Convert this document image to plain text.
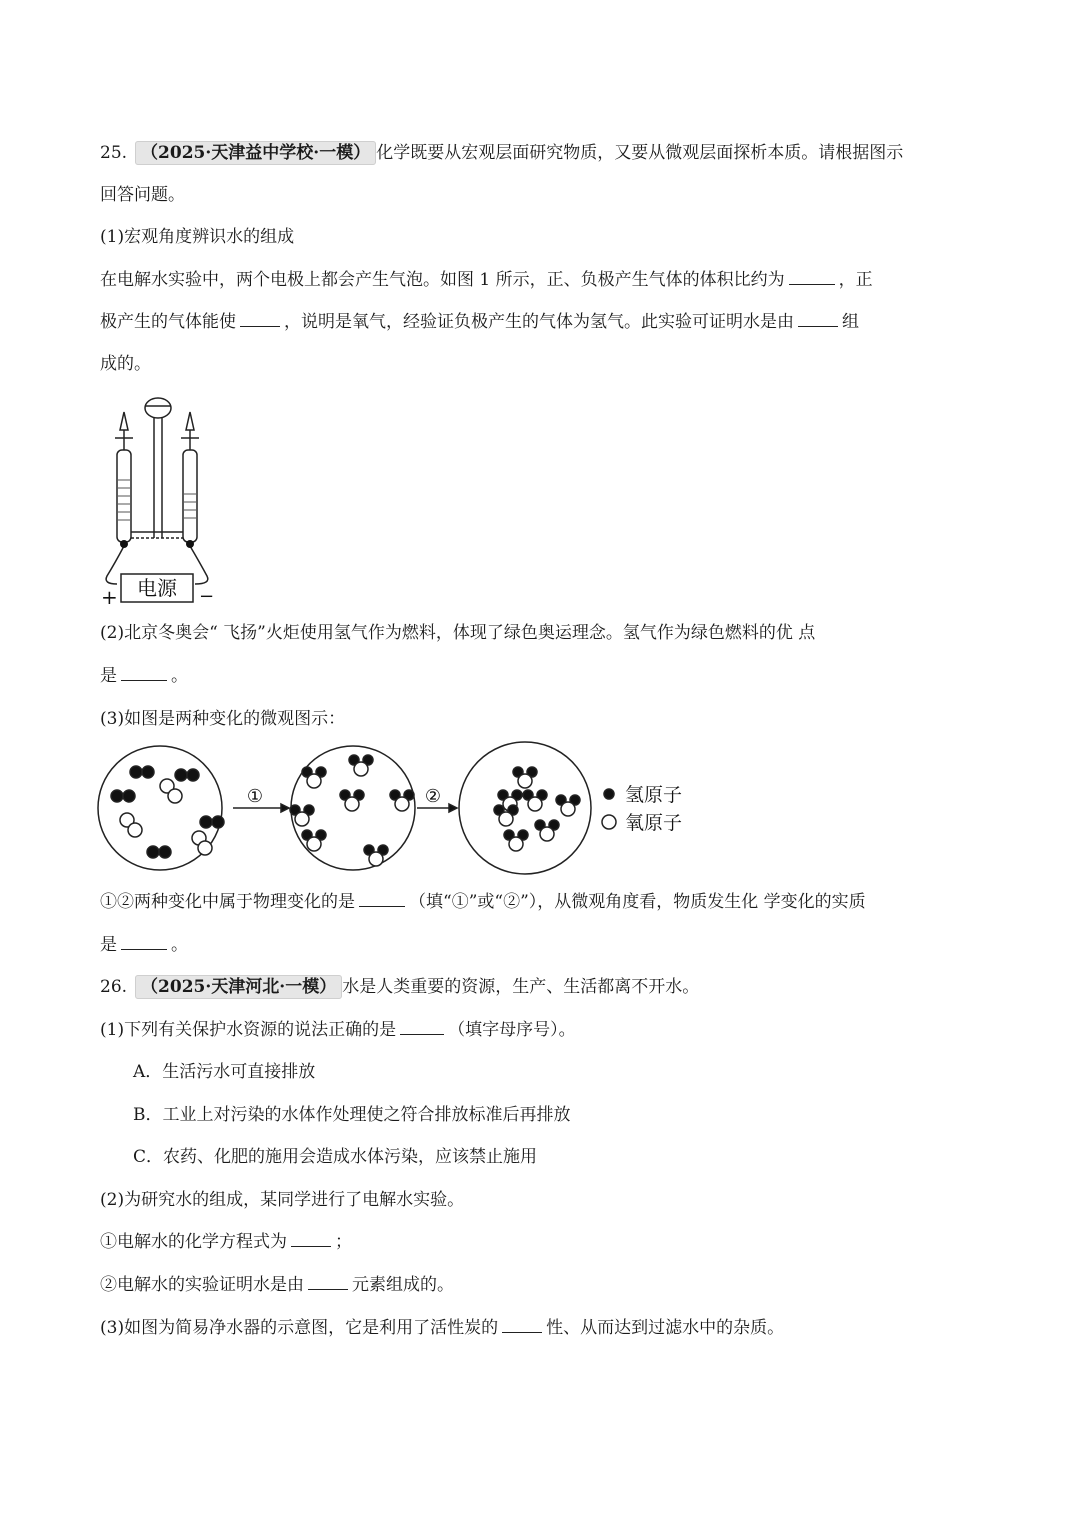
25. （2025·天津益中学校·一模） 化学既要从宏观层面研究物质，又要从微观层面探析本质。请根据图示
回答问题。
(1)宏观角度辨识水的组成
在电解水实验中，两个电极上都会产生气泡。如图 1 所示，正、负极产生气体的体积比约为	，正
极产生的气体能使	，说明是氧气，经验证负极产生的气体为氢气。此实验可证明水是由	组
成的。
电源
+	−
(2)北京冬奥会“ 飞扬”火炬使用氢气作为燃料，体现了绿色奥运理念。氢气作为绿色燃料的优 点
是	。
(3)如图是两种变化的微观图示：
①	②	氢原子
氧原子
①②两种变化中属于物理变化的是	（填“①”或“②”），从微观角度看，物质发生化 学变化的实质
是	。
26. （2025·天津河北·一模） 水是人类重要的资源，生产、生活都离不开水。
(1)下列有关保护水资源的说法正确的是	（填字母序号）。
A．生活污水可直接排放
B．工业上对污染的水体作处理使之符合排放标准后再排放
C．农药、化肥的施用会造成水体污染，应该禁止施用
(2)为研究水的组成，某同学进行了电解水实验。
①电解水的化学方程式为	；
②电解水的实验证明水是由	元素组成的。
(3)如图为简易净水器的示意图，它是利用了活性炭的	性、从而达到过滤水中的杂质。
